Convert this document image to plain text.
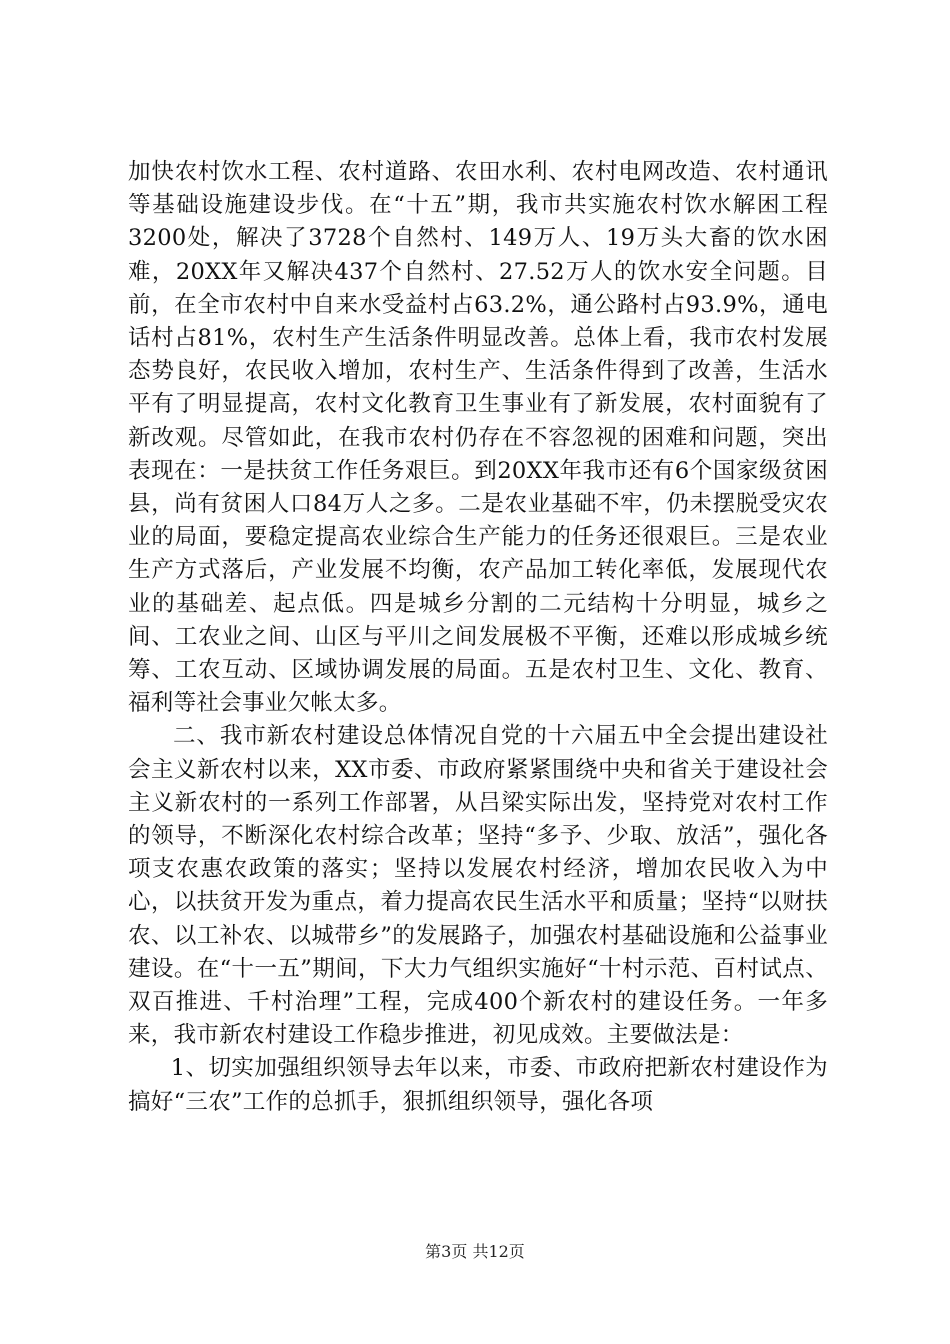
加快农村饮水工程、农村道路、农田水利、农村电网改造、农村通讯等基础设施建设步伐。在“十五”期，我市共实施农村饮水解困工程3200处，解决了3728个自然村、149万人、19万头大畜的饮水困难，20XX年又解决437个自然村、27.52万人的饮水安全问题。目前，在全市农村中自来水受益村占63.2%，通公路村占93.9%，通电话村占81%，农村生产生活条件明显改善。总体上看，我市农村发展态势良好，农民收入增加，农村生产、生活条件得到了改善，生活水平有了明显提高，农村文化教育卫生事业有了新发展，农村面貌有了新改观。尽管如此，在我市农村仍存在不容忽视的困难和问题，突出表现在：一是扶贫工作任务艰巨。到20XX年我市还有6个国家级贫困县，尚有贫困人口84万人之多。二是农业基础不牢，仍未摆脱受灾农业的局面，要稳定提高农业综合生产能力的任务还很艰巨。三是农业生产方式落后，产业发展不均衡，农产品加工转化率低，发展现代农业的基础差、起点低。四是城乡分割的二元结构十分明显，城乡之间、工农业之间、山区与平川之间发展极不平衡，还难以形成城乡统筹、工农互动、区域协调发展的局面。五是农村卫生、文化、教育、福利等社会事业欠帐太多。

二、我市新农村建设总体情况自党的十六届五中全会提出建设社会主义新农村以来，XX市委、市政府紧紧围绕中央和省关于建设社会主义新农村的一系列工作部署，从吕梁实际出发，坚持党对农村工作的领导，不断深化农村综合改革；坚持“多予、少取、放活”，强化各项支农惠农政策的落实；坚持以发展农村经济，增加农民收入为中心，以扶贫开发为重点，着力提高农民生活水平和质量；坚持“以财扶农、以工补农、以城带乡”的发展路子，加强农村基础设施和公益事业建设。在“十一五”期间，下大力气组织实施好“十村示范、百村试点、双百推进、千村治理”工程，完成400个新农村的建设任务。一年多来，我市新农村建设工作稳步推进，初见成效。主要做法是：

1、切实加强组织领导去年以来，市委、市政府把新农村建设作为搞好“三农”工作的总抓手，狠抓组织领导，强化各项

第3页 共12页
